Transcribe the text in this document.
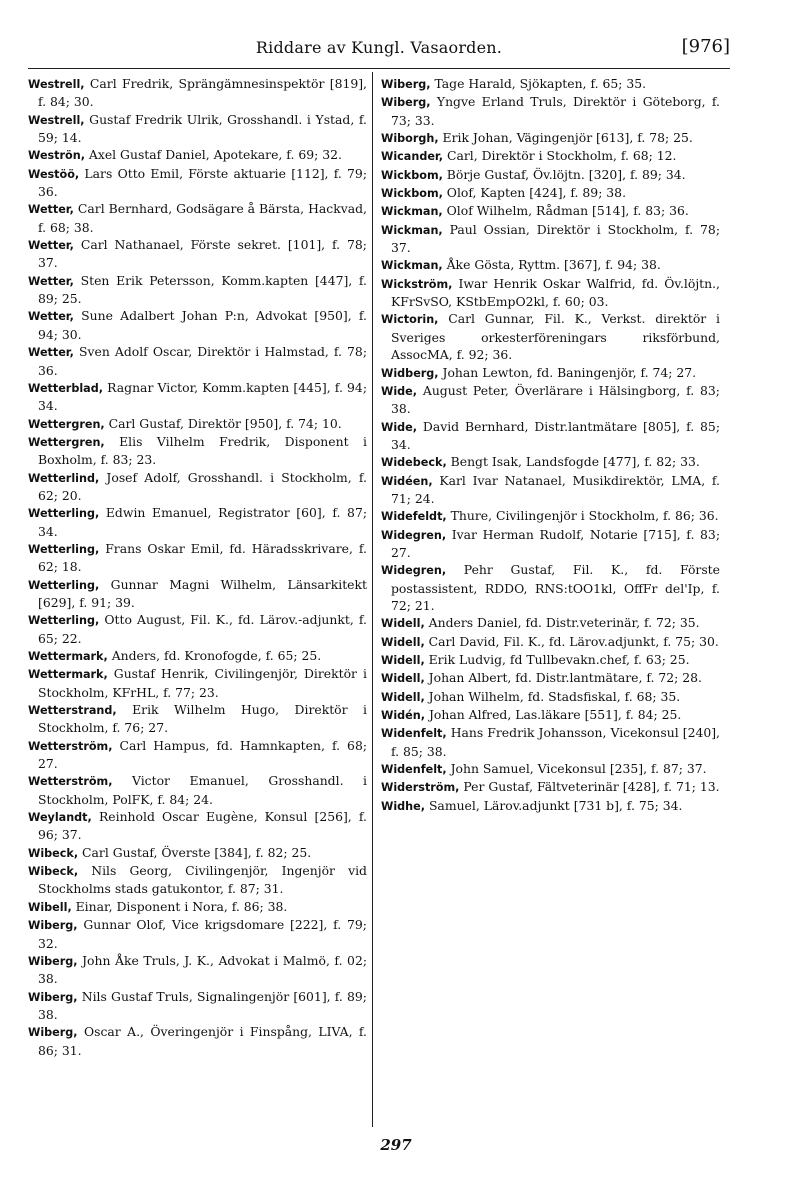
Riddare av Kungl. Vasaorden.	[976]

Westrell, Carl Fredrik, Sprängämnesinspektör [819], f. 84; 30.

Westrell, Gustaf Fredrik Ulrik, Grosshandl. i Ystad, f. 59; 14.

Weströn, Axel Gustaf Daniel, Apotekare, f. 69; 32.

Westöö, Lars Otto Emil, Förste aktuarie [112], f. 79; 36.

Wetter, Carl Bernhard, Godsägare å Bärsta, Hackvad, f. 68; 38.

Wetter, Carl Nathanael, Förste sekret. [101], f. 78; 37.

Wetter, Sten Erik Petersson, Komm.kapten [447], f. 89; 25.

Wetter, Sune Adalbert Johan P:n, Advokat [950], f. 94; 30.

Wetter, Sven Adolf Oscar, Direktör i Halmstad, f. 78; 36.

Wetterblad, Ragnar Victor, Komm.kapten [445], f. 94; 34.

Wettergren, Carl Gustaf, Direktör [950], f. 74; 10.

Wettergren, Elis Vilhelm Fredrik, Disponent i Boxholm, f. 83; 23.

Wetterlind, Josef Adolf, Grosshandl. i Stockholm, f. 62; 20.

Wetterling, Edwin Emanuel, Registrator [60], f. 87; 34.

Wetterling, Frans Oskar Emil, fd. Häradsskrivare, f. 62; 18.

Wetterling, Gunnar Magni Wilhelm, Länsarkitekt [629], f. 91; 39.

Wetterling, Otto August, Fil. K., fd. Lärov.-adjunkt, f. 65; 22.

Wettermark, Anders, fd. Kronofogde, f. 65; 25.

Wettermark, Gustaf Henrik, Civilingenjör, Direktör i Stockholm, KFrHL, f. 77; 23.

Wetterstrand, Erik Wilhelm Hugo, Direktör i Stockholm, f. 76; 27.

Wetterström, Carl Hampus, fd. Hamnkapten, f. 68; 27.

Wetterström, Victor Emanuel, Grosshandl. i Stockholm, PolFK, f. 84; 24.

Weylandt, Reinhold Oscar Eugène, Konsul [256], f. 96; 37.

Wibeck, Carl Gustaf, Överste [384], f. 82; 25.

Wibeck, Nils Georg, Civilingenjör, Ingenjör vid Stockholms stads gatukontor, f. 87; 31.

Wibell, Einar, Disponent i Nora, f. 86; 38.

Wiberg, Gunnar Olof, Vice krigsdomare [222], f. 79; 32.

Wiberg, John Åke Truls, J. K., Advokat i Malmö, f. 02; 38.

Wiberg, Nils Gustaf Truls, Signalingenjör [601], f. 89; 38.

Wiberg, Oscar A., Överingenjör i Finspång, LIVA, f. 86; 31.

Wiberg, Tage Harald, Sjökapten, f. 65; 35.

Wiberg, Yngve Erland Truls, Direktör i Göteborg, f. 73; 33.

Wiborgh, Erik Johan, Vägingenjör [613], f. 78; 25.

Wicander, Carl, Direktör i Stockholm, f. 68; 12.

Wickbom, Börje Gustaf, Öv.löjtn. [320], f. 89; 34.

Wickbom, Olof, Kapten [424], f. 89; 38.

Wickman, Olof Wilhelm, Rådman [514], f. 83; 36.

Wickman, Paul Ossian, Direktör i Stockholm, f. 78; 37.

Wickman, Åke Gösta, Ryttm. [367], f. 94; 38.

Wickström, Iwar Henrik Oskar Walfrid, fd. Öv.löjtn., KFrSvSO, KStbEmpO2kl, f. 60; 03.

Wictorin, Carl Gunnar, Fil. K., Verkst. direktör i Sveriges orkesterföreningars riksförbund, AssocMA, f. 92; 36.

Widberg, Johan Lewton, fd. Baningenjör, f. 74; 27.

Wide, August Peter, Överlärare i Hälsingborg, f. 83; 38.

Wide, David Bernhard, Distr.lantmätare [805], f. 85; 34.

Widebeck, Bengt Isak, Landsfogde [477], f. 82; 33.

Widéen, Karl Ivar Natanael, Musikdirektör, LMA, f. 71; 24.

Widefeldt, Thure, Civilingenjör i Stockholm, f. 86; 36.

Widegren, Ivar Herman Rudolf, Notarie [715], f. 83; 27.

Widegren, Pehr Gustaf, Fil. K., fd. Förste postassistent, RDDO, RNS:tOO1kl, OffFr del'Ip, f. 72; 21.

Widell, Anders Daniel, fd. Distr.veterinär, f. 72; 35.

Widell, Carl David, Fil. K., fd. Lärov.adjunkt, f. 75; 30.

Widell, Erik Ludvig, fd Tullbevakn.chef, f. 63; 25.

Widell, Johan Albert, fd. Distr.lantmätare, f. 72; 28.

Widell, Johan Wilhelm, fd. Stadsfiskal, f. 68; 35.

Widén, Johan Alfred, Las.läkare [551], f. 84; 25.

Widenfelt, Hans Fredrik Johansson, Vicekonsul [240], f. 85; 38.

Widenfelt, John Samuel, Vicekonsul [235], f. 87; 37.

Widerström, Per Gustaf, Fältveterinär [428], f. 71; 13.

Widhe, Samuel, Lärov.adjunkt [731 b], f. 75; 34.

297
